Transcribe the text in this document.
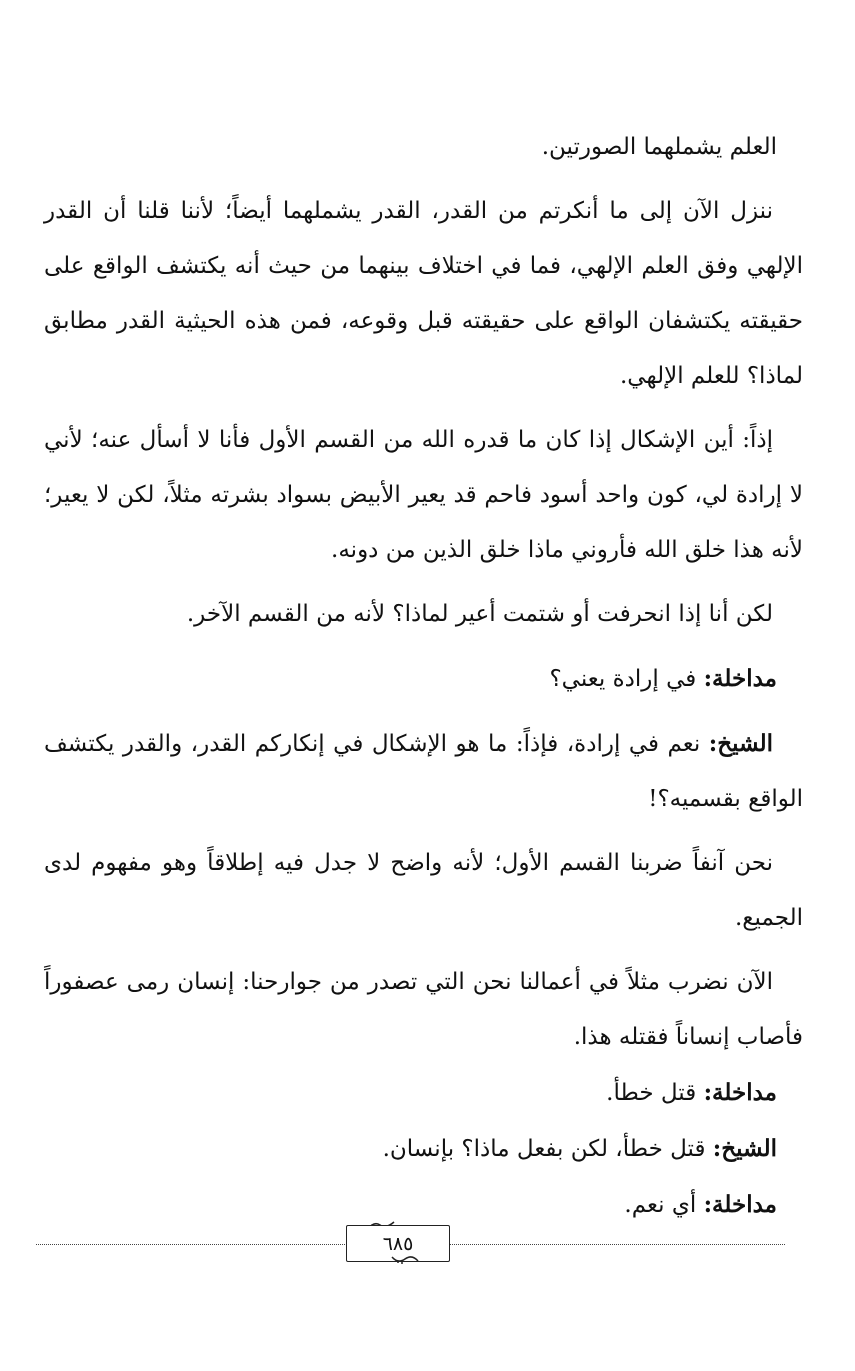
العلم يشملهما الصورتين.

ننزل الآن إلى ما أنكرتم من القدر، القدر يشملهما أيضاً؛ لأننا قلنا أن القدر الإلهي وفق العلم الإلهي، فما في اختلاف بينهما من حيث أنه يكتشف الواقع على حقيقته يكتشفان الواقع على حقيقته قبل وقوعه، فمن هذه الحيثية القدر مطابق لماذا؟ للعلم الإلهي.

إذاً: أين الإشكال إذا كان ما قدره الله من القسم الأول فأنا لا أسأل عنه؛ لأني لا إرادة لي، كون واحد أسود فاحم قد يعير الأبيض بسواد بشرته مثلاً، لكن لا يعير؛ لأنه هذا خلق الله فأروني ماذا خلق الذين من دونه.

لكن أنا إذا انحرفت أو شتمت أعير لماذا؟ لأنه من القسم الآخر.

مداخلة: في إرادة يعني؟

الشيخ: نعم في إرادة، فإذاً: ما هو الإشكال في إنكاركم القدر، والقدر يكتشف الواقع بقسميه؟!

نحن آنفاً ضربنا القسم الأول؛ لأنه واضح لا جدل فيه إطلاقاً وهو مفهوم لدى الجميع.

الآن نضرب مثلاً في أعمالنا نحن التي تصدر من جوارحنا: إنسان رمى عصفوراً فأصاب إنساناً فقتله هذا.

مداخلة: قتل خطأ.

الشيخ: قتل خطأ، لكن بفعل ماذا؟ بإنسان.

مداخلة: أي نعم.

٦٨٥
